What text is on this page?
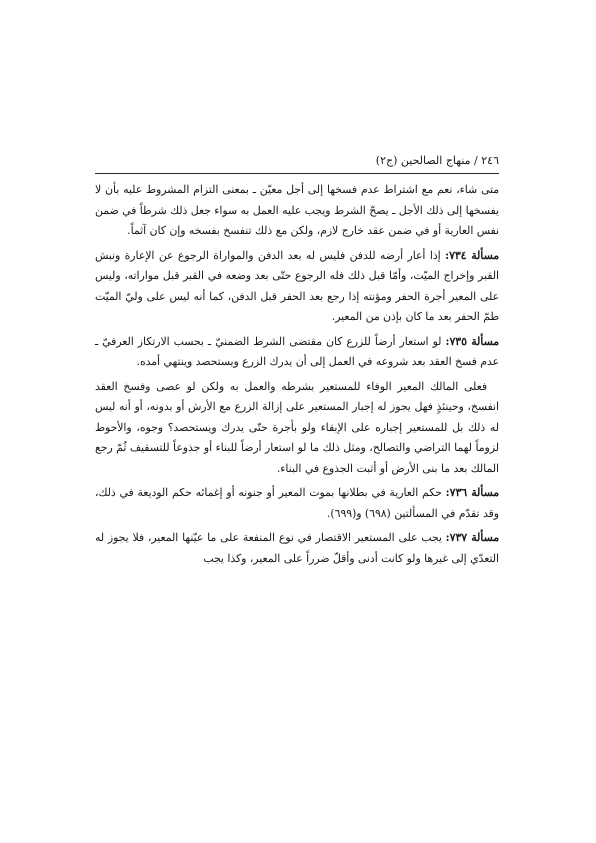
٢٤٦ / منهاج الصالحين (ج٢)

متى شاء، نعم مع اشتراط عدم فسخها إلى أجل معيّن ـ بمعنى التزام المشروط عليه بأن لا يفسخها إلى ذلك الأجل ـ يصحّ الشرط ويجب عليه العمل به سواء جعل ذلك شرطاً في ضمن نفس العارية أو في ضمن عقد خارج لازم، ولكن مع ذلك تنفسخ بفسخه وإن كان آثماً.

مسألة ٧٣٤: إذا أعار أرضه للدفن فليس له بعد الدفن والمواراة الرجوع عن الإعارة ونبش القبر وإخراج الميّت، وأمّا قبل ذلك فله الرجوع حتّى بعد وضعه في القبر قبل مواراته، وليس على المعير أجرة الحفر ومؤنته إذا رجع بعد الحفر قبل الدفن، كما أنه ليس على وليّ الميّت طمّ الحفر بعد ما كان بإذن من المعير.

مسألة ٧٣٥: لو استعار أرضاً للزرع كان مقتضى الشرط الضمنيّ ـ بحسب الارتكاز العرفيّ ـ عدم فسخ العقد بعد شروعه في العمل إلى أن يدرك الزرع ويستحصد وينتهي أمده.

فعلى المالك المعير الوفاء للمستعير بشرطه والعمل به ولكن لو عصى وفسخ العقد انفسخ، وحينئذٍ فهل يجوز له إجبار المستعير على إزالة الزرع مع الأرش أو بدونه، أو أنه ليس له ذلك بل للمستعير إجباره على الإبقاء ولو بأجرة حتّى يدرك ويستحصد؟ وجوه، والأحوط لزوماً لهما التراضي والتصالح، ومثل ذلك ما لو استعار أرضاً للبناء أو جذوعاً للتسقيف ثُمّ رجع المالك بعد ما بنى الأرض أو أثبت الجذوع في البناء.

مسألة ٧٣٦: حكم العارية في بطلانها بموت المعير أو جنونه أو إغمائه حكم الوديعة في ذلك، وقد تقدّم في المسألتين (٦٩٨) و(٦٩٩).

مسألة ٧٣٧: يجب على المستعير الاقتصار في نوع المنفعة على ما عيّنها المعير، فلا يجوز له التعدّي إلى غيرها ولو كانت أدنى وأقلّ ضرراً على المعير، وكذا يجب
